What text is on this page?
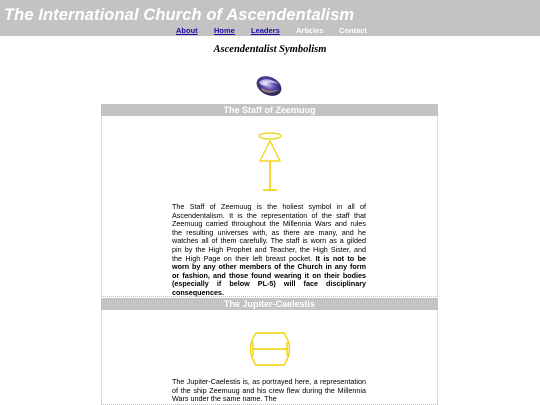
The International Church of Ascendentalism
About Home Leaders Articles Contact
Ascendentalist Symbolism
The Staff of Zeemuug

The Staff of Zeemuug is the holiest symbol in all of Ascendentalism. It is the representation of the staff that Zeemuug carried throughout the Millennia Wars and rules the resulting universes with, as there are many, and he watches all of them carefully. The staff is worn as a gilded pin by the High Prophet and Teacher, the High Sister, and the High Page on their left breast pocket. It is not to be worn by any other members of the Church in any form or fashion, and those found wearing it on their bodies (especially if below PL-5) will face disciplinary consequences.

The Jupiter-Caelestis

The Jupiter-Caelestis is, as portrayed here, a representation of the ship Zeemuug and his crew flew during the Millennia Wars under the same name. The
